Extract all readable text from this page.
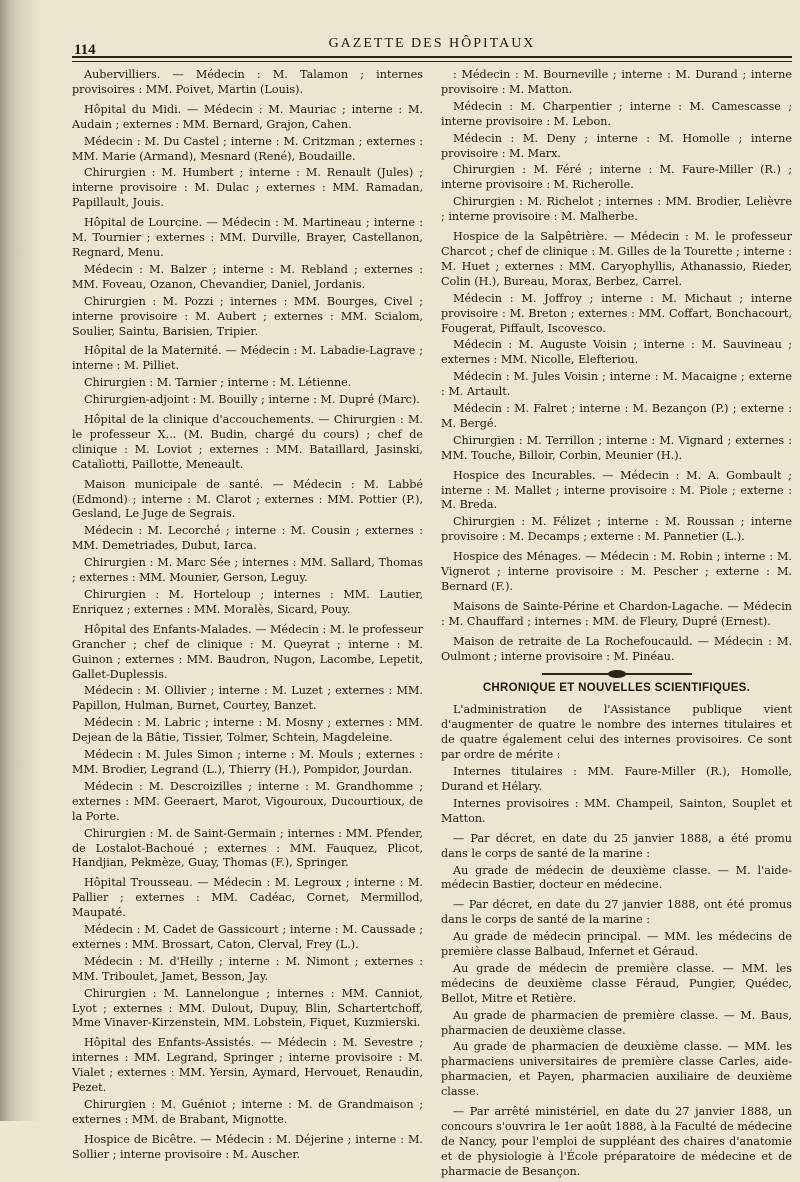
114	GAZETTE DES HÔPITAUX

Aubervilliers. — Médecin : M. Talamon ; internes provisoires : MM. Poivet, Martin (Louis).

Hôpital du Midi. — Médecin : M. Mauriac ; interne : M. Audain ; externes : MM. Bernard, Grajon, Cahen.

Médecin : M. Du Castel ; interne : M. Critzman ; externes : MM. Marie (Armand), Mesnard (René), Boudaille.

Chirurgien : M. Humbert ; interne : M. Renault (Jules) ; interne provisoire : M. Dulac ; externes : MM. Ramadan, Papillault, Jouis.

Hôpital de Lourcine. — Médecin : M. Martineau ; interne : M. Tournier ; externes : MM. Durville, Brayer, Castellanon, Regnard, Menu.

Médecin : M. Balzer ; interne : M. Rebland ; externes : MM. Foveau, Ozanon, Chevandier, Daniel, Jordanis.

Chirurgien : M. Pozzi ; internes : MM. Bourges, Civel ; interne provisoire : M. Aubert ; externes : MM. Scialom, Soulier, Saintu, Barisien, Tripier.

Hôpital de la Maternité. — Médecin : M. Labadie-Lagrave ; interne : M. Pilliet.

Chirurgien : M. Tarnier ; interne : M. Létienne.

Chirurgien-adjoint : M. Bouilly ; interne : M. Dupré (Marc).

Hôpital de la clinique d'accouchements. — Chirurgien : M. le professeur X... (M. Budin, chargé du cours) ; chef de clinique : M. Loviot ; externes : MM. Bataillard, Jasinski, Catalìotti, Paillotte, Meneault.

Maison municipale de santé. — Médecin : M. Labbé (Edmond) ; interne : M. Clarot ; externes : MM. Pottier (P.), Gesland, Le Juge de Segrais.

Médecin : M. Lecorché ; interne : M. Cousin ; externes : MM. Demetriades, Dubut, Iarca.

Chirurgien : M. Marc Sée ; internes : MM. Sallard, Thomas ; externes : MM. Mounier, Gerson, Leguy.

Chirurgien : M. Horteloup ; internes : MM. Lautier, Enriquez ; externes : MM. Moralès, Sicard, Pouy.

Hôpital des Enfants-Malades. — Médecin : M. le professeur Grancher ; chef de clinique : M. Queyrat ; interne : M. Guinon ; externes : MM. Baudron, Nugon, Lacombe, Lepetit, Gallet-Duplessis.

Médecin : M. Ollivier ; interne : M. Luzet ; externes : MM. Papillon, Hulman, Burnet, Courtey, Banzet.

Médecin : M. Labric ; interne : M. Mosny ; externes : MM. Dejean de la Bâtie, Tissier, Tolmer, Schtein, Magdeleine.

Médecin : M. Jules Simon ; interne : M. Mouls ; externes : MM. Brodier, Legrand (L.), Thierry (H.), Pompidor, Jourdan.

Médecin : M. Descroizilles ; interne : M. Grandhomme ; externes : MM. Geeraert, Marot, Vigouroux, Ducourtioux, de la Porte.

Chirurgien : M. de Saint-Germain ; internes : MM. Pfender, de Lostalot-Bachoué ; externes : MM. Fauquez, Plicot, Handjian, Pekmèze, Guay, Thomas (F.), Springer.

Hôpital Trousseau. — Médecin : M. Legroux ; interne : M. Pallier ; externes : MM. Cadéac, Cornet, Mermillod, Maupaté.

Médecin : M. Cadet de Gassicourt ; interne : M. Caussade ; externes : MM. Brossart, Caton, Clerval, Frey (L.).

Médecin : M. d'Heilly ; interne : M. Nimont ; externes : MM. Triboulet, Jamet, Besson, Jay.

Chirurgien : M. Lannelongue ; internes : MM. Canniot, Lyot ; externes : MM. Dulout, Dupuy, Blin, Schartertchoff, Mme Vinaver-Kirzenstein, MM. Lobstein, Fiquet, Kuzmierski.

Hôpital des Enfants-Assistés. — Médecin : M. Sevestre ; internes : MM. Legrand, Springer ; interne provisoire : M. Vialet ; externes : MM. Yersin, Aymard, Hervouet, Renaudin, Pezet.

Chirurgien : M. Guéniot ; interne : M. de Grandmaison ; externes : MM. de Brabant, Mignotte.

Hospice de Bicêtre. — Médecin : M. Déjerine ; interne : M. Sollier ; interne provisoire : M. Auscher.

: Médecin : M. Bourneville ; interne : M. Durand ; interne provisoire : M. Matton.

Médecin : M. Charpentier ; interne : M. Camescasse ; interne provisoire : M. Lebon.

Médecin : M. Deny ; interne : M. Homolle ; interne provisoire : M. Marx.

Chirurgien : M. Féré ; interne : M. Faure-Miller (R.) ; interne provisoire : M. Richerolle.

Chirurgien : M. Richelot ; internes : MM. Brodier, Lelièvre ; interne provisoire : M. Malherbe.

Hospice de la Salpêtrière. — Médecin : M. le professeur Charcot ; chef de clinique : M. Gilles de la Tourette ; interne : M. Huet ; externes : MM. Caryophyllis, Athanassio, Rieder, Colin (H.), Bureau, Morax, Berbez, Carrel.

Médecin : M. Joffroy ; interne : M. Michaut ; interne provisoire : M. Breton ; externes : MM. Coffart, Bonchacourt, Fougerat, Piffault, Iscovesco.

Médecin : M. Auguste Voisin ; interne : M. Sauvineau ; externes : MM. Nicolle, Elefteriou.

Médecin : M. Jules Voisin ; interne : M. Macaigne ; externe : M. Artault.

Médecin : M. Falret ; interne : M. Bezançon (P.) ; externe : M. Bergé.

Chirurgien : M. Terrillon ; interne : M. Vignard ; externes : MM. Touche, Billoir, Corbin, Meunier (H.).

Hospice des Incurables. — Médecin : M. A. Gombault ; interne : M. Mallet ; interne provisoire : M. Piole ; externe : M. Breda.

Chirurgien : M. Félizet ; interne : M. Roussan ; interne provisoire : M. Decamps ; externe : M. Pannetier (L.).

Hospice des Ménages. — Médecin : M. Robin ; interne : M. Vignerot ; interne provisoire : M. Pescher ; externe : M. Bernard (F.).

Maisons de Sainte-Périne et Chardon-Lagache. — Médecin : M. Chauffard ; internes : MM. de Fleury, Dupré (Ernest).

Maison de retraite de La Rochefoucauld. — Médecin : M. Oulmont ; interne provisoire : M. Pinéau.

CHRONIQUE ET NOUVELLES SCIENTIFIQUES.

L'administration de l'Assistance publique vient d'augmenter de quatre le nombre des internes titulaires et de quatre également celui des internes provisoires. Ce sont par ordre de mérite :

Internes titulaires : MM. Faure-Miller (R.), Homolle, Durand et Hélary.

Internes provisoires : MM. Champeil, Sainton, Souplet et Matton.

— Par décret, en date du 25 janvier 1888, a été promu dans le corps de santé de la marine :

Au grade de médecin de deuxième classe. — M. l'aide-médecin Bastier, docteur en médecine.

— Par décret, en date du 27 janvier 1888, ont été promus dans le corps de santé de la marine :

Au grade de médecin principal. — MM. les médecins de première classe Balbaud, Infernet et Géraud.

Au grade de médecin de première classe. — MM. les médecins de deuxième classe Féraud, Pungier, Quédec, Bellot, Mitre et Retière.

Au grade de pharmacien de première classe. — M. Baus, pharmacien de deuxième classe.

Au grade de pharmacien de deuxième classe. — MM. les pharmaciens universitaires de première classe Carles, aide-pharmacien, et Payen, pharmacien auxiliaire de deuxième classe.

— Par arrêté ministériel, en date du 27 janvier 1888, un concours s'ouvrira le 1er août 1888, à la Faculté de médecine de Nancy, pour l'emploi de suppléant des chaires d'anatomie et de physiologie à l'École préparatoire de médecine et de pharmacie de Besançon.
